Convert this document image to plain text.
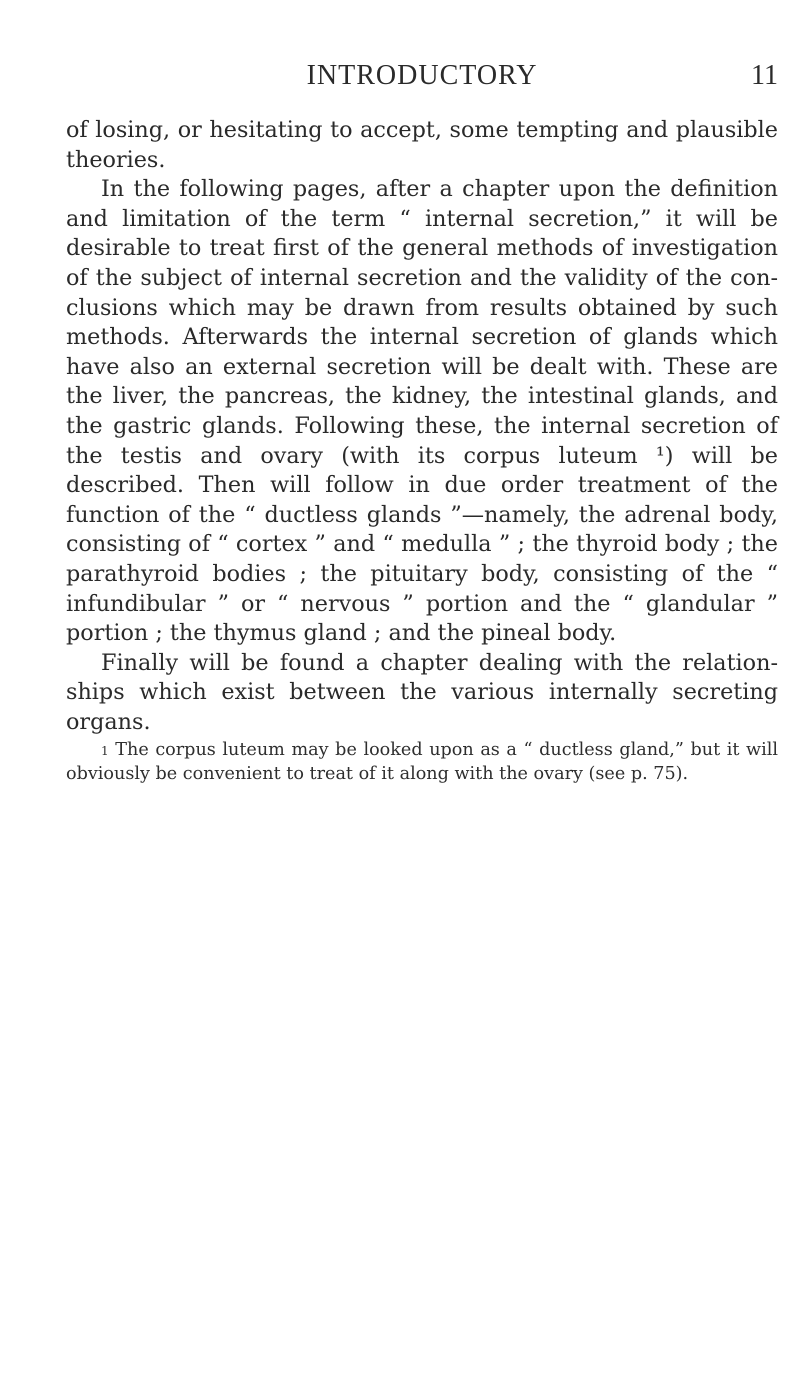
INTRODUCTORY	11

of losing, or hesitating to accept, some tempting and plausible theories.

In the following pages, after a chapter upon the definition and limitation of the term “ internal secretion,” it will be desirable to treat first of the general methods of investigation of the subject of internal secretion and the validity of the conclusions which may be drawn from results obtained by such methods. Afterwards the internal secretion of glands which have also an external secretion will be dealt with. These are the liver, the pancreas, the kidney, the intestinal glands, and the gastric glands. Following these, the internal secretion of the testis and ovary (with its corpus luteum ¹) will be described. Then will follow in due order treatment of the function of the “ ductless glands ”—namely, the adrenal body, consisting of “ cortex ” and “ medulla ” ; the thyroid body ; the parathyroid bodies ; the pituitary body, consisting of the “ infundibular ” or “ nervous ” portion and the “ glandular ” portion ; the thymus gland ; and the pineal body.

Finally will be found a chapter dealing with the relationships which exist between the various internally secreting organs.

$^1$ The corpus luteum may be looked upon as a “ ductless gland,” but it will obviously be convenient to treat of it along with the ovary (see p. 75).
